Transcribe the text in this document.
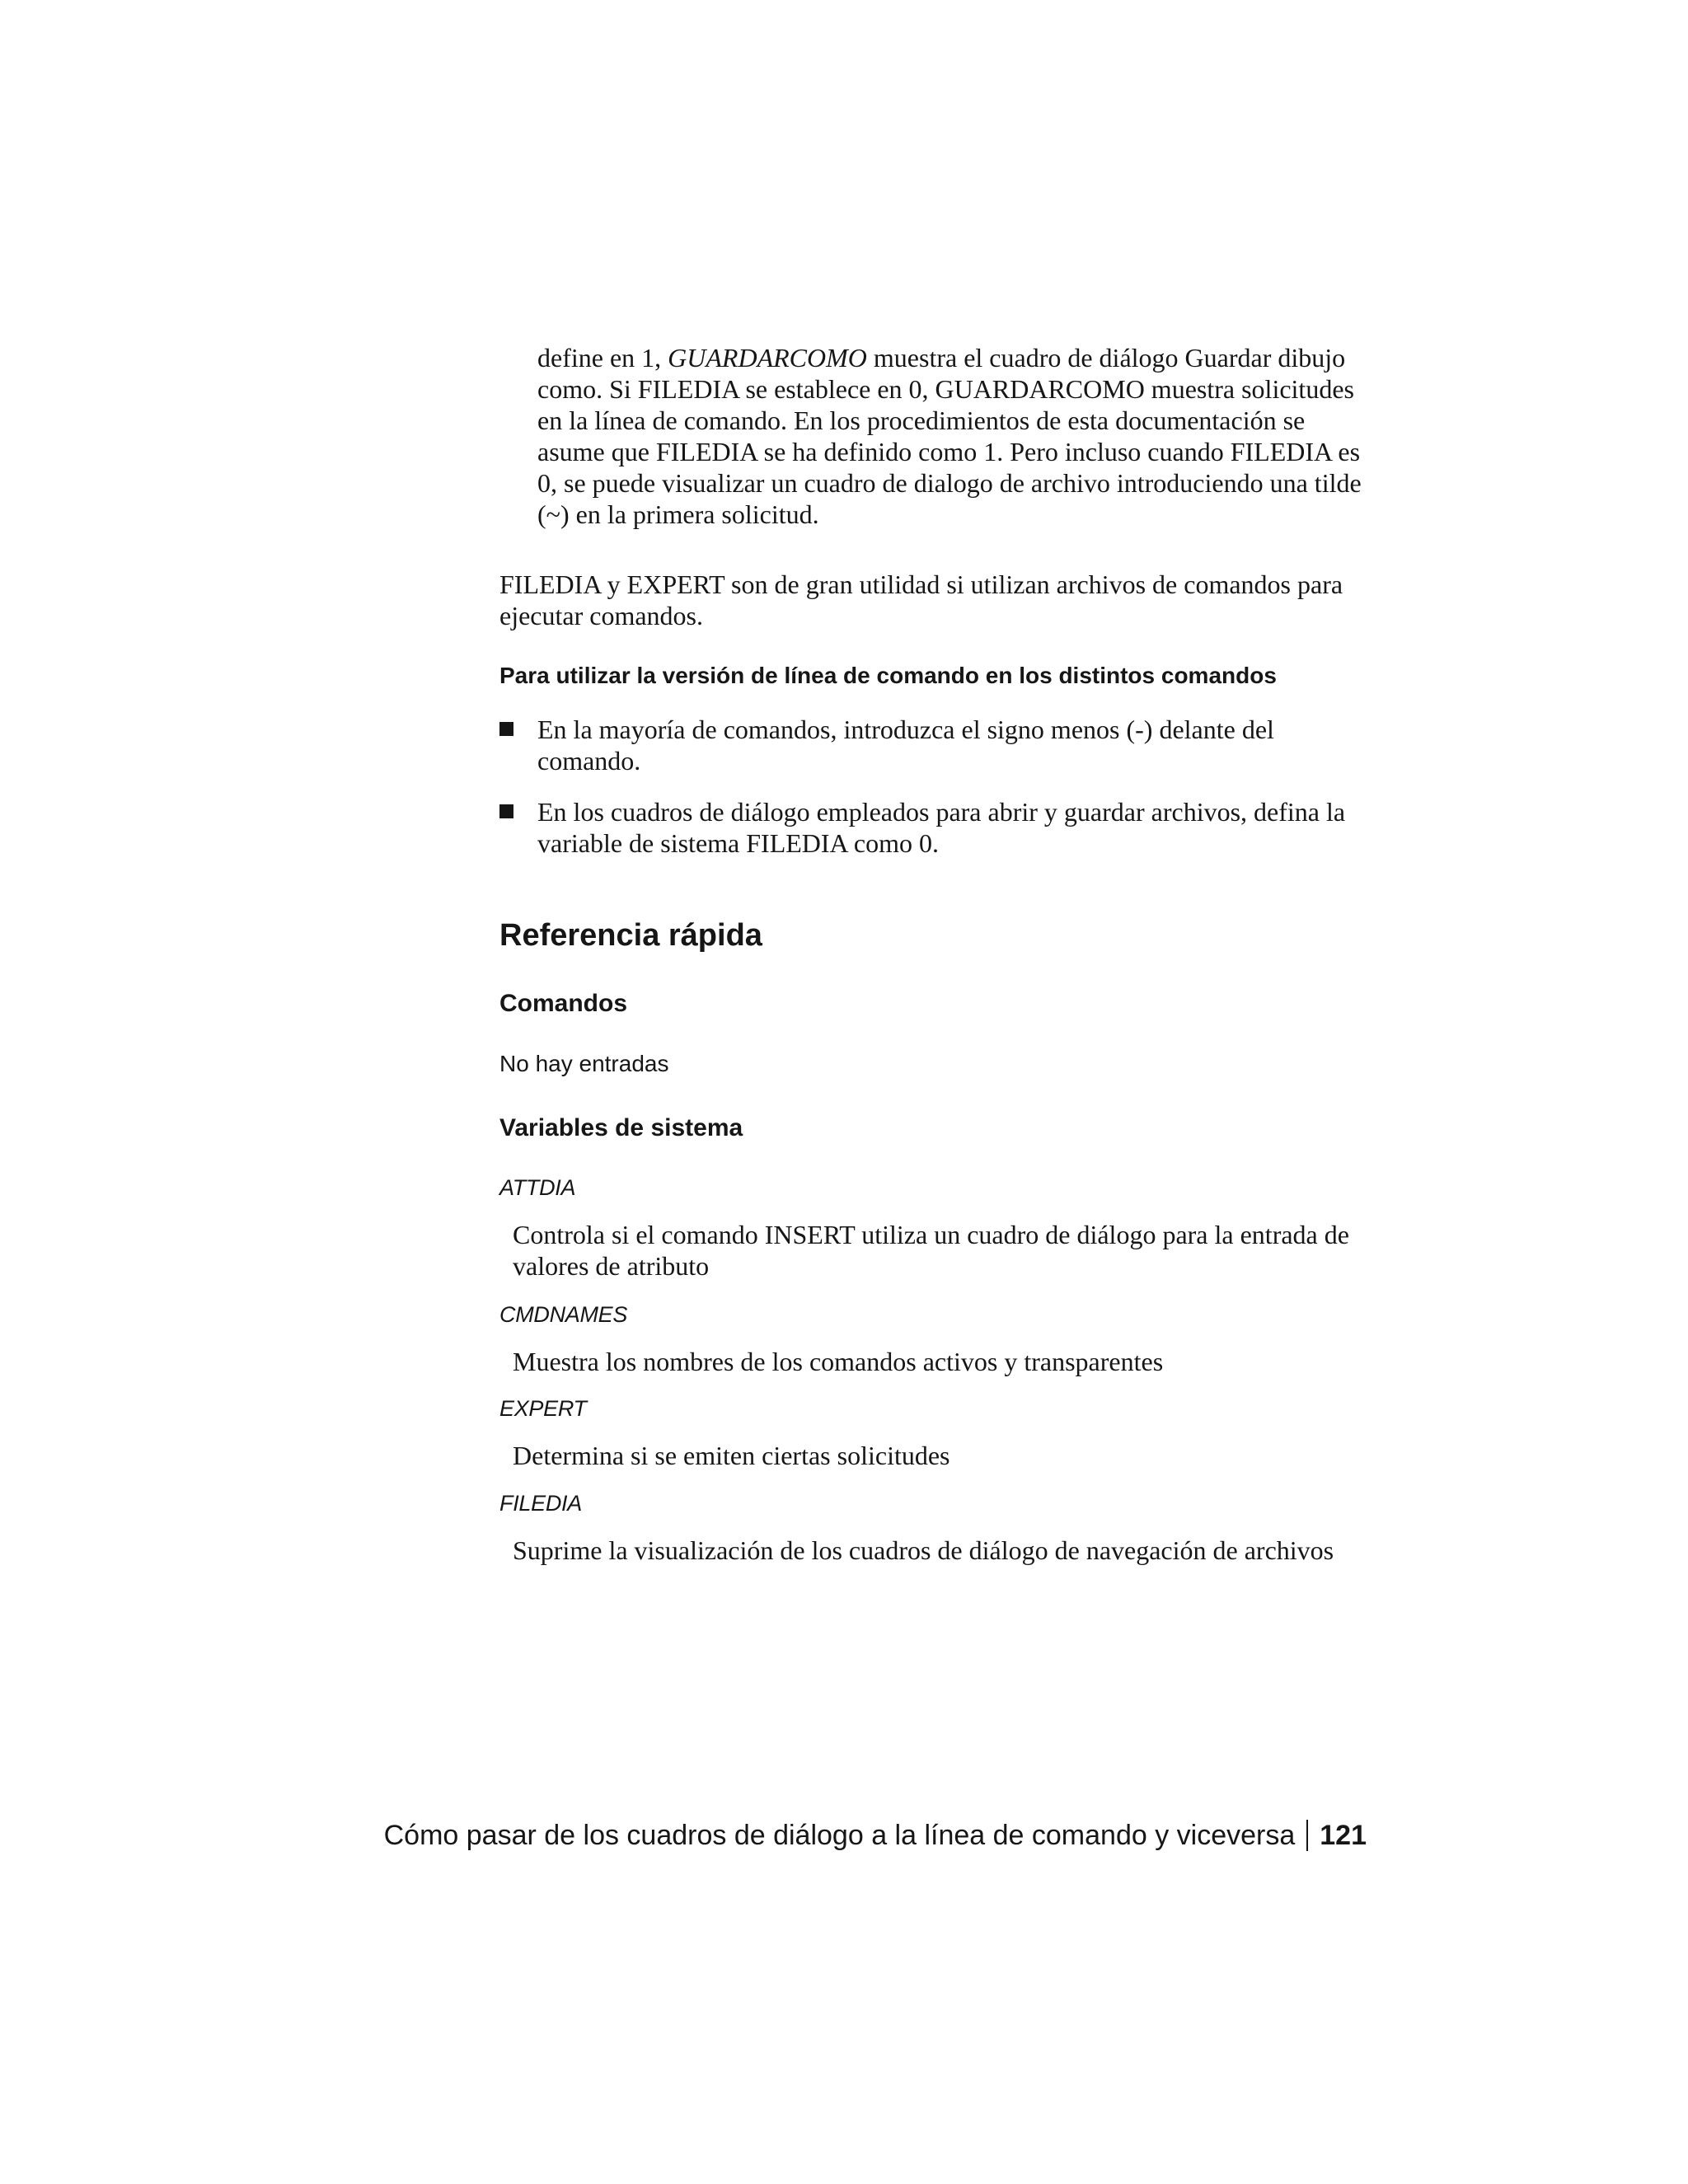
define en 1, GUARDARCOMO muestra el cuadro de diálogo Guardar dibujo como. Si FILEDIA se establece en 0, GUARDARCOMO muestra solicitudes en la línea de comando. En los procedimientos de esta documentación se asume que FILEDIA se ha definido como 1. Pero incluso cuando FILEDIA es 0, se puede visualizar un cuadro de dialogo de archivo introduciendo una tilde (~) en la primera solicitud.

FILEDIA y EXPERT son de gran utilidad si utilizan archivos de comandos para ejecutar comandos.

Para utilizar la versión de línea de comando en los distintos comandos
En la mayoría de comandos, introduzca el signo menos (-) delante del comando.
En los cuadros de diálogo empleados para abrir y guardar archivos, defina la variable de sistema FILEDIA como 0.
Referencia rápida
Comandos
No hay entradas
Variables de sistema
ATTDIA
Controla si el comando INSERT utiliza un cuadro de diálogo para la entrada de valores de atributo
CMDNAMES
Muestra los nombres de los comandos activos y transparentes
EXPERT
Determina si se emiten ciertas solicitudes
FILEDIA
Suprime la visualización de los cuadros de diálogo de navegación de archivos
Cómo pasar de los cuadros de diálogo a la línea de comando y viceversa 121
